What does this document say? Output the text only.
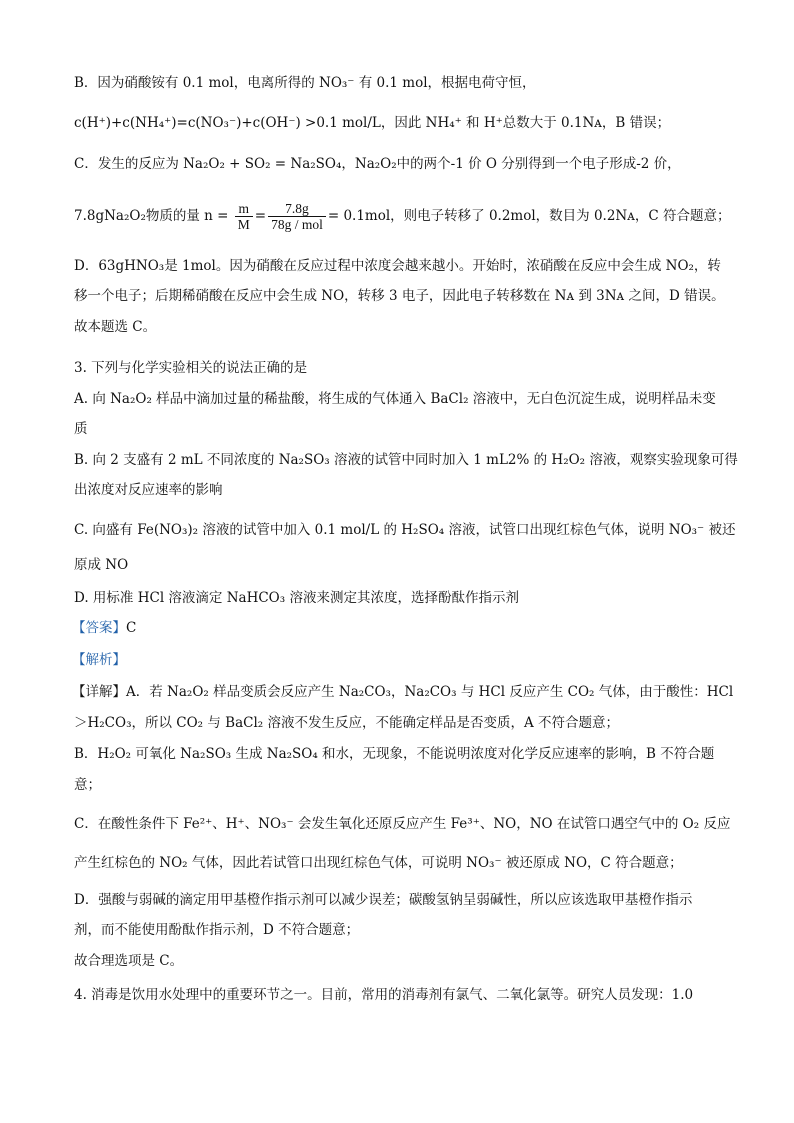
B．因为硝酸铵有 0.1 mol，电离所得的 NO₃⁻ 有 0.1 mol，根据电荷守恒，
c(H⁺)+c(NH₄⁺)=c(NO₃⁻)+c(OH⁻) >0.1 mol/L，因此 NH₄⁺ 和 H⁺总数大于 0.1Nᴀ，B 错误；
C．发生的反应为 Na₂O₂ + SO₂ = Na₂SO₄，Na₂O₂中的两个-1 价 O 分别得到一个电子形成-2 价，
7.8gNa₂O₂物质的量 $n = \frac{m}{M} = \frac{7.8g}{\text{78g / mol}} = 0.1mol$，则电子转移了 0.2mol，数目为 0.2Nᴀ，C 符合题意；
D．63gHNO₃是 1mol。因为硝酸在反应过程中浓度会越来越小。开始时，浓硝酸在反应中会生成 NO₂，转
移一个电子；后期稀硝酸在反应中会生成 NO，转移 3 电子，因此电子转移数在 Nᴀ 到 3Nᴀ 之间，D 错误。
故本题选 C。
3. 下列与化学实验相关的说法正确的是
A. 向 Na₂O₂ 样品中滴加过量的稀盐酸，将生成的气体通入 BaCl₂ 溶液中，无白色沉淀生成，说明样品未变
质
B. 向 2 支盛有 2 mL 不同浓度的 Na₂SO₃ 溶液的试管中同时加入 1 mL2% 的 H₂O₂ 溶液，观察实验现象可得
出浓度对反应速率的影响
C. 向盛有 Fe(NO₃)₂ 溶液的试管中加入 0.1 mol/L 的 H₂SO₄ 溶液，试管口出现红棕色气体，说明 NO₃⁻ 被还
原成 NO
D. 用标准 HCl 溶液滴定 NaHCO₃ 溶液来测定其浓度，选择酚酞作指示剂
【答案】C
【解析】
【详解】A．若 Na₂O₂ 样品变质会反应产生 Na₂CO₃，Na₂CO₃ 与 HCl 反应产生 CO₂ 气体，由于酸性：HCl
＞H₂CO₃，所以 CO₂ 与 BaCl₂ 溶液不发生反应，不能确定样品是否变质，A 不符合题意；
B．H₂O₂ 可氧化 Na₂SO₃ 生成 Na₂SO₄ 和水，无现象，不能说明浓度对化学反应速率的影响，B 不符合题
意；
C．在酸性条件下 Fe²⁺、H⁺、NO₃⁻ 会发生氧化还原反应产生 Fe³⁺、NO，NO 在试管口遇空气中的 O₂ 反应
产生红棕色的 NO₂ 气体，因此若试管口出现红棕色气体，可说明 NO₃⁻ 被还原成 NO，C 符合题意；
D．强酸与弱碱的滴定用甲基橙作指示剂可以减少误差；碳酸氢钠呈弱碱性，所以应该选取甲基橙作指示
剂，而不能使用酚酞作指示剂，D 不符合题意；
故合理选项是 C。
4. 消毒是饮用水处理中的重要环节之一。目前，常用的消毒剂有氯气、二氧化氯等。研究人员发现：1.0
